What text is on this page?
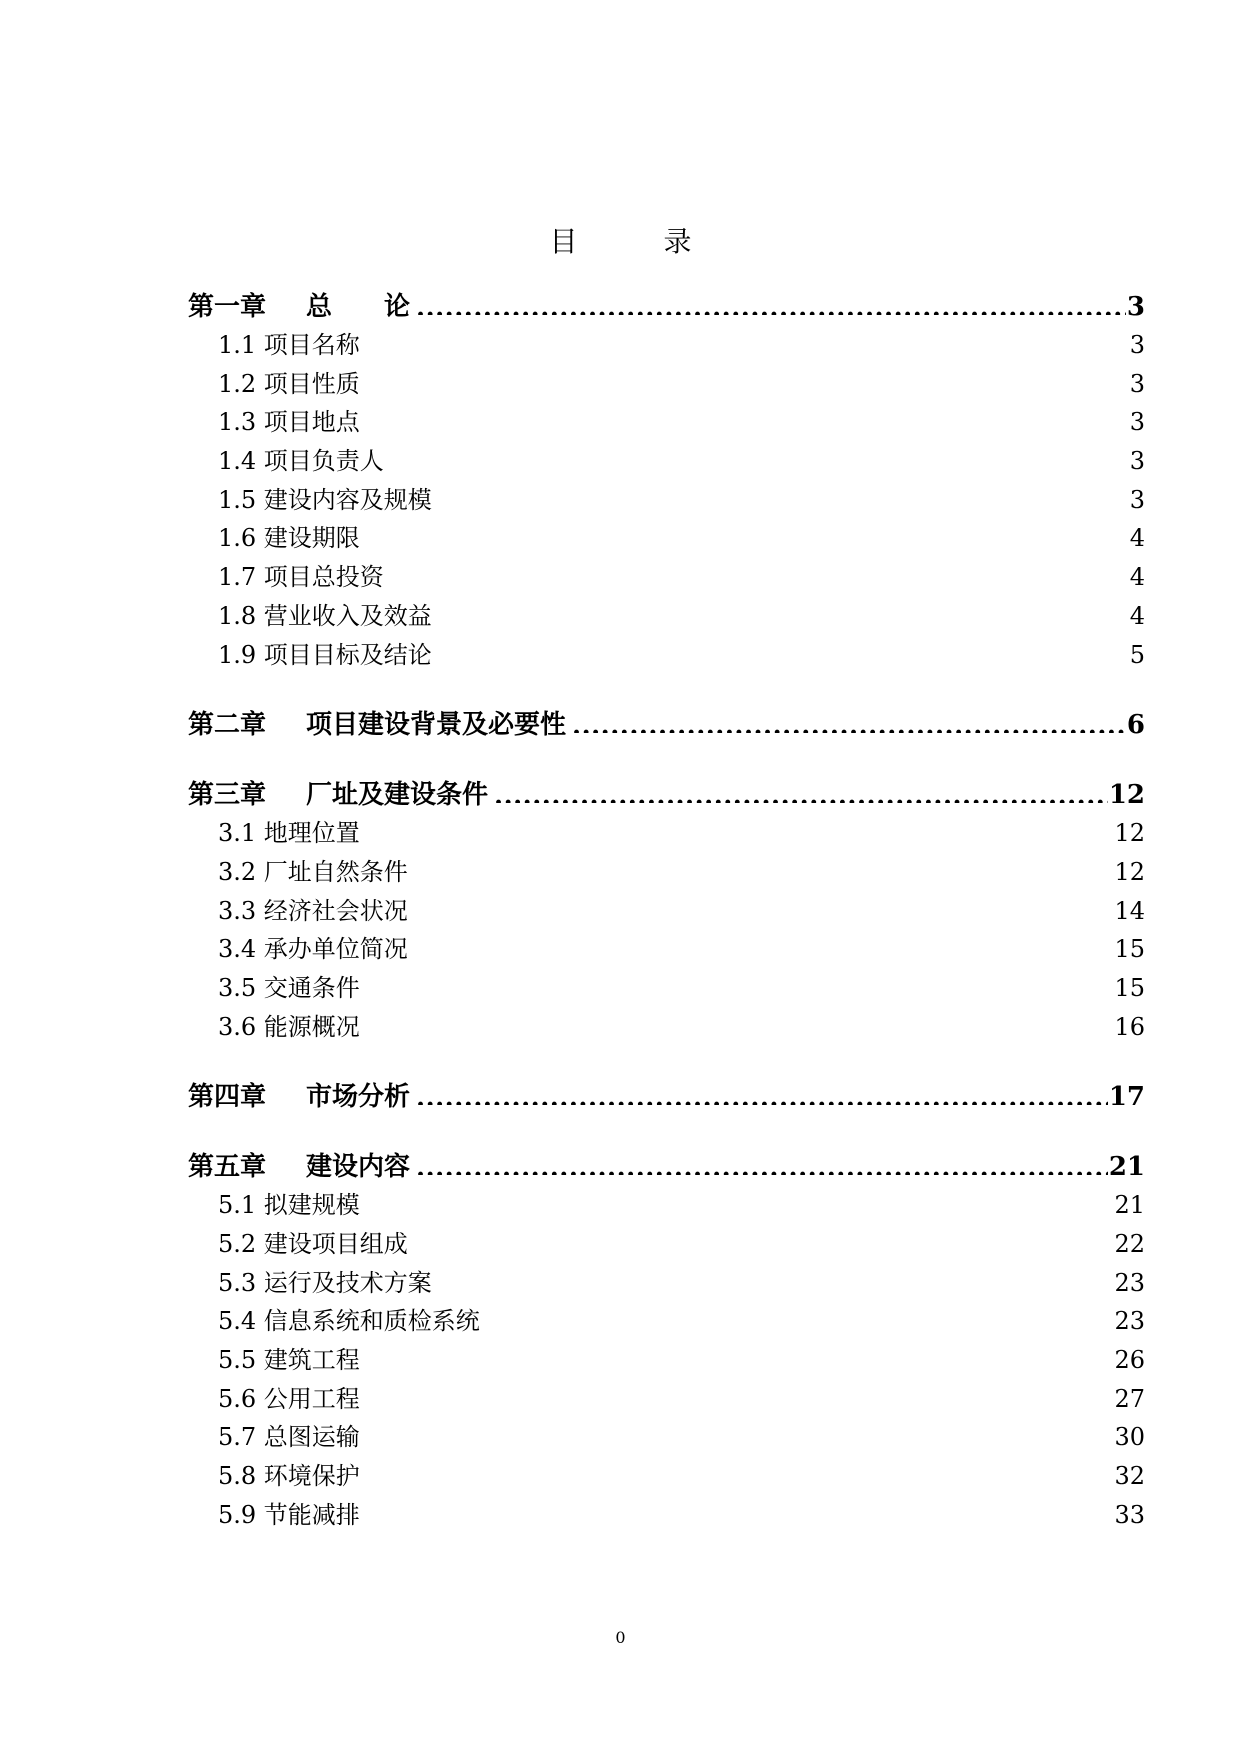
目	录
第一章 总　　论 .....	3
1.1 项目名称 .....	3
1.2 项目性质 .....	3
1.3 项目地点 .....	3
1.4 项目负责人 .....	3
1.5 建设内容及规模 .....	3
1.6 建设期限 .....	4
1.7 项目总投资 .....	4
1.8 营业收入及效益 .....	4
1.9 项目目标及结论 .....	5
第二章 项目建设背景及必要性 .....	6
第三章 厂址及建设条件 .....	12
3.1 地理位置 .....	12
3.2 厂址自然条件 .....	12
3.3 经济社会状况 .....	14
3.4 承办单位简况 .....	15
3.5 交通条件 .....	15
3.6 能源概况 .....	16
第四章 市场分析 .....	17
第五章 建设内容 .....	21
5.1 拟建规模 .....	21
5.2 建设项目组成 .....	22
5.3 运行及技术方案 .....	23
5.4 信息系统和质检系统 .....	23
5.5 建筑工程 .....	26
5.6 公用工程 .....	27
5.7 总图运输 .....	30
5.8 环境保护 .....	32
5.9 节能减排 .....	33
0
